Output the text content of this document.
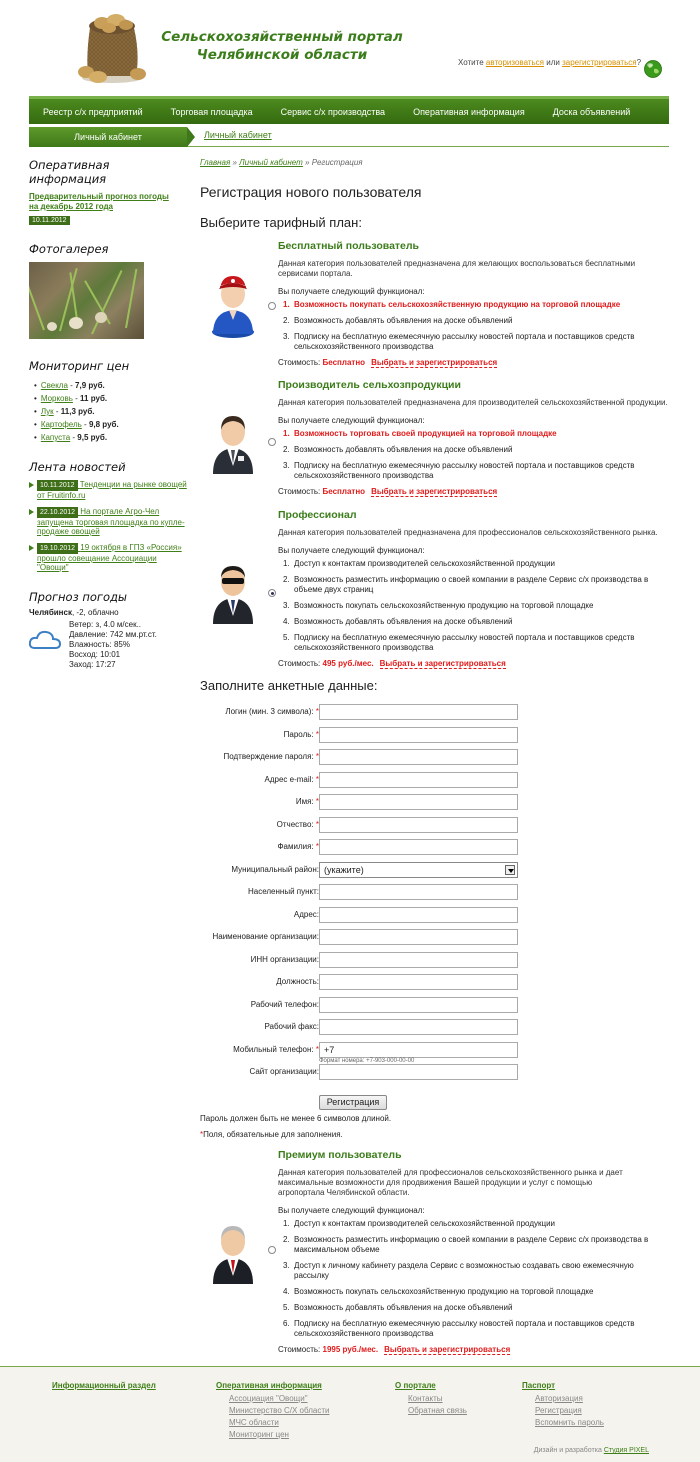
Сельскохозяйственный портал
Челябинской области	Хотите авторизоваться или зарегистрироваться?
Реестр с/х предприятий	Торговая площадка	Сервис с/х производства	Оперативная информация	Доска объявлений
Личный кабинет	Личный кабинет
Оперативная информация
Предварительный прогноз погоды на декабрь 2012 года
10.11.2012
Фотогалерея
Мониторинг цен
• Свекла - 7,9 руб.
• Морковь - 11 руб.
• Лук - 11,3 руб.
• Картофель - 9,8 руб.
• Капуста - 9,5 руб.
Лента новостей
10.11.2012 Тенденции на рынке овощей от Fruitinfo.ru
22.10.2012 На портале Агро-Чел запущена торговая площадка по купле-продаже овощей
19.10.2012 19 октября в ГПЗ «Россия» прошло совещание Ассоциации "Овощи"
Прогноз погоды
Челябинск, -2, облачно
Ветер: з, 4.0 м/сек..
Давление: 742 мм.рт.ст.
Влажность: 85%
Восход: 10:01
Заход: 17:27
Главная » Личный кабинет » Регистрация
Регистрация нового пользователя
Выберите тарифный план:
Бесплатный пользователь
Данная категория пользователей предназначена для желающих воспользоваться бесплатными сервисами портала.
Вы получаете следующий функционал:
1. Возможность покупать сельскохозяйственную продукцию на торговой площадке
2. Возможность добавлять объявления на доске объявлений
3. Подписку на бесплатную ежемесячную рассылку новостей портала и поставщиков средств сельскохозяйственного производства
Стоимость: Бесплатно Выбрать и зарегистрироваться
Производитель сельхозпродукции
Данная категория пользователей предназначена для производителей сельскохозяйственной продукции.
Вы получаете следующий функционал:
1. Возможность торговать своей продукцией на торговой площадке
2. Возможность добавлять объявления на доске объявлений
3. Подписку на бесплатную ежемесячную рассылку новостей портала и поставщиков средств сельскохозяйственного производства
Стоимость: Бесплатно Выбрать и зарегистрироваться
Профессионал
Данная категория пользователей предназначена для профессионалов сельскохозяйственного рынка.
Вы получаете следующий функционал:
1. Доступ к контактам производителей сельскохозяйственной продукции
2. Возможность разместить информацию о своей компании в разделе Сервис с/х производства в объеме двух страниц
3. Возможность покупать сельскохозяйственную продукцию на торговой площадке
4. Возможность добавлять объявления на доске объявлений
5. Подписку на бесплатную ежемесячную рассылку новостей портала и поставщиков средств сельскохозяйственного производства
Стоимость: 495 руб./мес. Выбрать и зарегистрироваться
Заполните анкетные данные:
Логин (мин. 3 символа): *
Пароль: *
Подтверждение пароля: *
Адрес e-mail: *
Имя: *
Отчество: *
Фамилия: *
Муниципальный район: (укажите)
Населенный пункт:
Адрес:
Наименование организации:
ИНН организации:
Должность:
Рабочий телефон:
Рабочий факс:
Мобильный телефон: * +7
Сайт организации:
Формат номера: +7-903-000-00-00
Регистрация
Пароль должен быть не менее 6 символов длиной.
*Поля, обязательные для заполнения.
Премиум пользователь
Данная категория пользователей для профессионалов сельскохозяйственного рынка и дает максимальные возможности для продвижения Вашей продукции и услуг с помощью агропортала Челябинской области.
Вы получаете следующий функционал:
1. Доступ к контактам производителей сельскохозяйственной продукции
2. Возможность разместить информацию о своей компании в разделе Сервис с/х производства в максимальном объеме
3. Доступ к личному кабинету раздела Сервис с возможностью создавать свою ежемесячную рассылку
4. Возможность покупать сельскохозяйственную продукцию на торговой площадке
5. Возможность добавлять объявления на доске объявлений
6. Подписку на бесплатную ежемесячную рассылку новостей портала и поставщиков средств сельскохозяйственного производства
Стоимость: 1995 руб./мес. Выбрать и зарегистрироваться
Информационный раздел	Оперативная информация
Ассоциация "Овощи"
Министерство С/Х области
МЧС области
Мониторинг цен
О портале
Контакты
Обратная связь
Паспорт
Авторизация
Регистрация
Вспомнить пароль
Дизайн и разработка Студия PIXEL
